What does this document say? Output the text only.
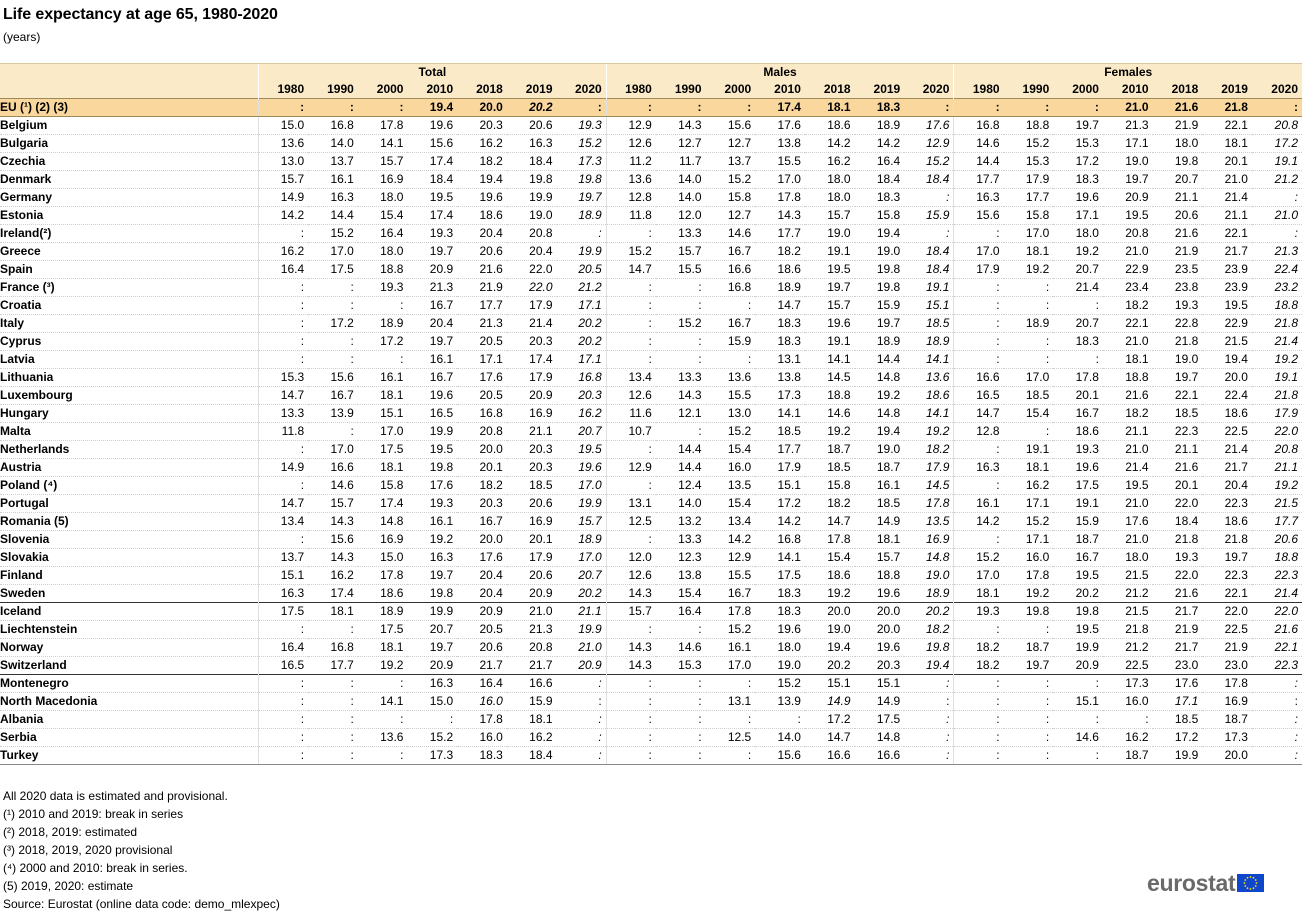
Life expectancy at age 65, 1980-2020
(years)
	Total							Males							Females						
	1980	1990	2000	2010	2018	2019	2020	1980	1990	2000	2010	2018	2019	2020	1980	1990	2000	2010	2018	2019	2020
EU (¹) (2) (3)	:	:	:	19.4	20.0	20.2	:	:	:	:	17.4	18.1	18.3	:	:	:	:	21.0	21.6	21.8	:
Belgium	15.0	16.8	17.8	19.6	20.3	20.6	19.3	12.9	14.3	15.6	17.6	18.6	18.9	17.6	16.8	18.8	19.7	21.3	21.9	22.1	20.8
Bulgaria	13.6	14.0	14.1	15.6	16.2	16.3	15.2	12.6	12.7	12.7	13.8	14.2	14.2	12.9	14.6	15.2	15.3	17.1	18.0	18.1	17.2
Czechia	13.0	13.7	15.7	17.4	18.2	18.4	17.3	11.2	11.7	13.7	15.5	16.2	16.4	15.2	14.4	15.3	17.2	19.0	19.8	20.1	19.1
Denmark	15.7	16.1	16.9	18.4	19.4	19.8	19.8	13.6	14.0	15.2	17.0	18.0	18.4	18.4	17.7	17.9	18.3	19.7	20.7	21.0	21.2
Germany	14.9	16.3	18.0	19.5	19.6	19.9	19.7	12.8	14.0	15.8	17.8	18.0	18.3	:	16.3	17.7	19.6	20.9	21.1	21.4	:
Estonia	14.2	14.4	15.4	17.4	18.6	19.0	18.9	11.8	12.0	12.7	14.3	15.7	15.8	15.9	15.6	15.8	17.1	19.5	20.6	21.1	21.0
Ireland(²)	:	15.2	16.4	19.3	20.4	20.8	:	:	13.3	14.6	17.7	19.0	19.4	:	:	17.0	18.0	20.8	21.6	22.1	:
Greece	16.2	17.0	18.0	19.7	20.6	20.4	19.9	15.2	15.7	16.7	18.2	19.1	19.0	18.4	17.0	18.1	19.2	21.0	21.9	21.7	21.3
Spain	16.4	17.5	18.8	20.9	21.6	22.0	20.5	14.7	15.5	16.6	18.6	19.5	19.8	18.4	17.9	19.2	20.7	22.9	23.5	23.9	22.4
France (³)	:	:	19.3	21.3	21.9	22.0	21.2	:	:	16.8	18.9	19.7	19.8	19.1	:	:	21.4	23.4	23.8	23.9	23.2
Croatia	:	:	:	16.7	17.7	17.9	17.1	:	:	:	14.7	15.7	15.9	15.1	:	:	:	18.2	19.3	19.5	18.8
Italy	:	17.2	18.9	20.4	21.3	21.4	20.2	:	15.2	16.7	18.3	19.6	19.7	18.5	:	18.9	20.7	22.1	22.8	22.9	21.8
Cyprus	:	:	17.2	19.7	20.5	20.3	20.2	:	:	15.9	18.3	19.1	18.9	18.9	:	:	18.3	21.0	21.8	21.5	21.4
Latvia	:	:	:	16.1	17.1	17.4	17.1	:	:	:	13.1	14.1	14.4	14.1	:	:	:	18.1	19.0	19.4	19.2
Lithuania	15.3	15.6	16.1	16.7	17.6	17.9	16.8	13.4	13.3	13.6	13.8	14.5	14.8	13.6	16.6	17.0	17.8	18.8	19.7	20.0	19.1
Luxembourg	14.7	16.7	18.1	19.6	20.5	20.9	20.3	12.6	14.3	15.5	17.3	18.8	19.2	18.6	16.5	18.5	20.1	21.6	22.1	22.4	21.8
Hungary	13.3	13.9	15.1	16.5	16.8	16.9	16.2	11.6	12.1	13.0	14.1	14.6	14.8	14.1	14.7	15.4	16.7	18.2	18.5	18.6	17.9
Malta	11.8	:	17.0	19.9	20.8	21.1	20.7	10.7	:	15.2	18.5	19.2	19.4	19.2	12.8	:	18.6	21.1	22.3	22.5	22.0
Netherlands	:	17.0	17.5	19.5	20.0	20.3	19.5	:	14.4	15.4	17.7	18.7	19.0	18.2	:	19.1	19.3	21.0	21.1	21.4	20.8
Austria	14.9	16.6	18.1	19.8	20.1	20.3	19.6	12.9	14.4	16.0	17.9	18.5	18.7	17.9	16.3	18.1	19.6	21.4	21.6	21.7	21.1
Poland (⁴)	:	14.6	15.8	17.6	18.2	18.5	17.0	:	12.4	13.5	15.1	15.8	16.1	14.5	:	16.2	17.5	19.5	20.1	20.4	19.2
Portugal	14.7	15.7	17.4	19.3	20.3	20.6	19.9	13.1	14.0	15.4	17.2	18.2	18.5	17.8	16.1	17.1	19.1	21.0	22.0	22.3	21.5
Romania (5)	13.4	14.3	14.8	16.1	16.7	16.9	15.7	12.5	13.2	13.4	14.2	14.7	14.9	13.5	14.2	15.2	15.9	17.6	18.4	18.6	17.7
Slovenia	:	15.6	16.9	19.2	20.0	20.1	18.9	:	13.3	14.2	16.8	17.8	18.1	16.9	:	17.1	18.7	21.0	21.8	21.8	20.6
Slovakia	13.7	14.3	15.0	16.3	17.6	17.9	17.0	12.0	12.3	12.9	14.1	15.4	15.7	14.8	15.2	16.0	16.7	18.0	19.3	19.7	18.8
Finland	15.1	16.2	17.8	19.7	20.4	20.6	20.7	12.6	13.8	15.5	17.5	18.6	18.8	19.0	17.0	17.8	19.5	21.5	22.0	22.3	22.3
Sweden	16.3	17.4	18.6	19.8	20.4	20.9	20.2	14.3	15.4	16.7	18.3	19.2	19.6	18.9	18.1	19.2	20.2	21.2	21.6	22.1	21.4
Iceland	17.5	18.1	18.9	19.9	20.9	21.0	21.1	15.7	16.4	17.8	18.3	20.0	20.0	20.2	19.3	19.8	19.8	21.5	21.7	22.0	22.0
Liechtenstein	:	:	17.5	20.7	20.5	21.3	19.9	:	:	15.2	19.6	19.0	20.0	18.2	:	:	19.5	21.8	21.9	22.5	21.6
Norway	16.4	16.8	18.1	19.7	20.6	20.8	21.0	14.3	14.6	16.1	18.0	19.4	19.6	19.8	18.2	18.7	19.9	21.2	21.7	21.9	22.1
Switzerland	16.5	17.7	19.2	20.9	21.7	21.7	20.9	14.3	15.3	17.0	19.0	20.2	20.3	19.4	18.2	19.7	20.9	22.5	23.0	23.0	22.3
Montenegro	:	:	:	16.3	16.4	16.6	:	:	:	:	15.2	15.1	15.1	:	:	:	:	17.3	17.6	17.8	:
North Macedonia	:	:	14.1	15.0	16.0	15.9	:	:	:	13.1	13.9	14.9	14.9	:	:	:	15.1	16.0	17.1	16.9	:
Albania	:	:	:	:	17.8	18.1	:	:	:	:	:	17.2	17.5	:	:	:	:	:	18.5	18.7	:
Serbia	:	:	13.6	15.2	16.0	16.2	:	:	:	12.5	14.0	14.7	14.8	:	:	:	14.6	16.2	17.2	17.3	:
Turkey	:	:	:	17.3	18.3	18.4	:	:	:	:	15.6	16.6	16.6	:	:	:	:	18.7	19.9	20.0	:
All 2020 data is estimated and provisional.
(¹) 2010 and 2019: break in series
(²) 2018, 2019: estimated
(³) 2018, 2019, 2020 provisional
(⁴) 2000 and 2010: break in series.
(5) 2019, 2020: estimate
Source: Eurostat (online data code: demo_mlexpec)
eurostat
